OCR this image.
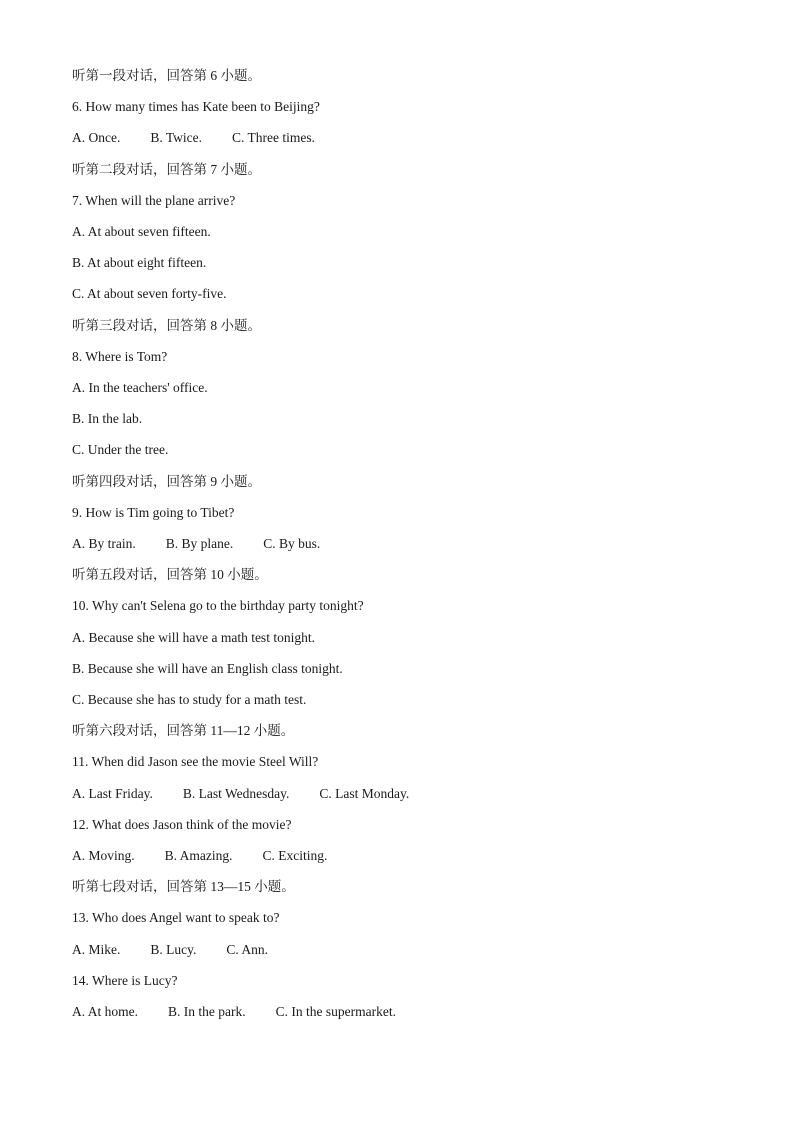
听第一段对话，回答第 6 小题。
6. How many times has Kate been to Beijing?
A. Once. B. Twice. C. Three times.
听第二段对话，回答第 7 小题。
7. When will the plane arrive?
A. At about seven fifteen.
B. At about eight fifteen.
C. At about seven forty-five.
听第三段对话，回答第 8 小题。
8. Where is Tom?
A. In the teachers' office.
B. In the lab.
C. Under the tree.
听第四段对话，回答第 9 小题。
9. How is Tim going to Tibet?
A. By train. B. By plane. C. By bus.
听第五段对话，回答第 10 小题。
10. Why can't Selena go to the birthday party tonight?
A. Because she will have a math test tonight.
B. Because she will have an English class tonight.
C. Because she has to study for a math test.
听第六段对话，回答第 11—12 小题。
11. When did Jason see the movie Steel Will?
A. Last Friday. B. Last Wednesday. C. Last Monday.
12. What does Jason think of the movie?
A. Moving. B. Amazing. C. Exciting.
听第七段对话，回答第 13—15 小题。
13. Who does Angel want to speak to?
A. Mike. B. Lucy. C. Ann.
14. Where is Lucy?
A. At home. B. In the park. C. In the supermarket.
